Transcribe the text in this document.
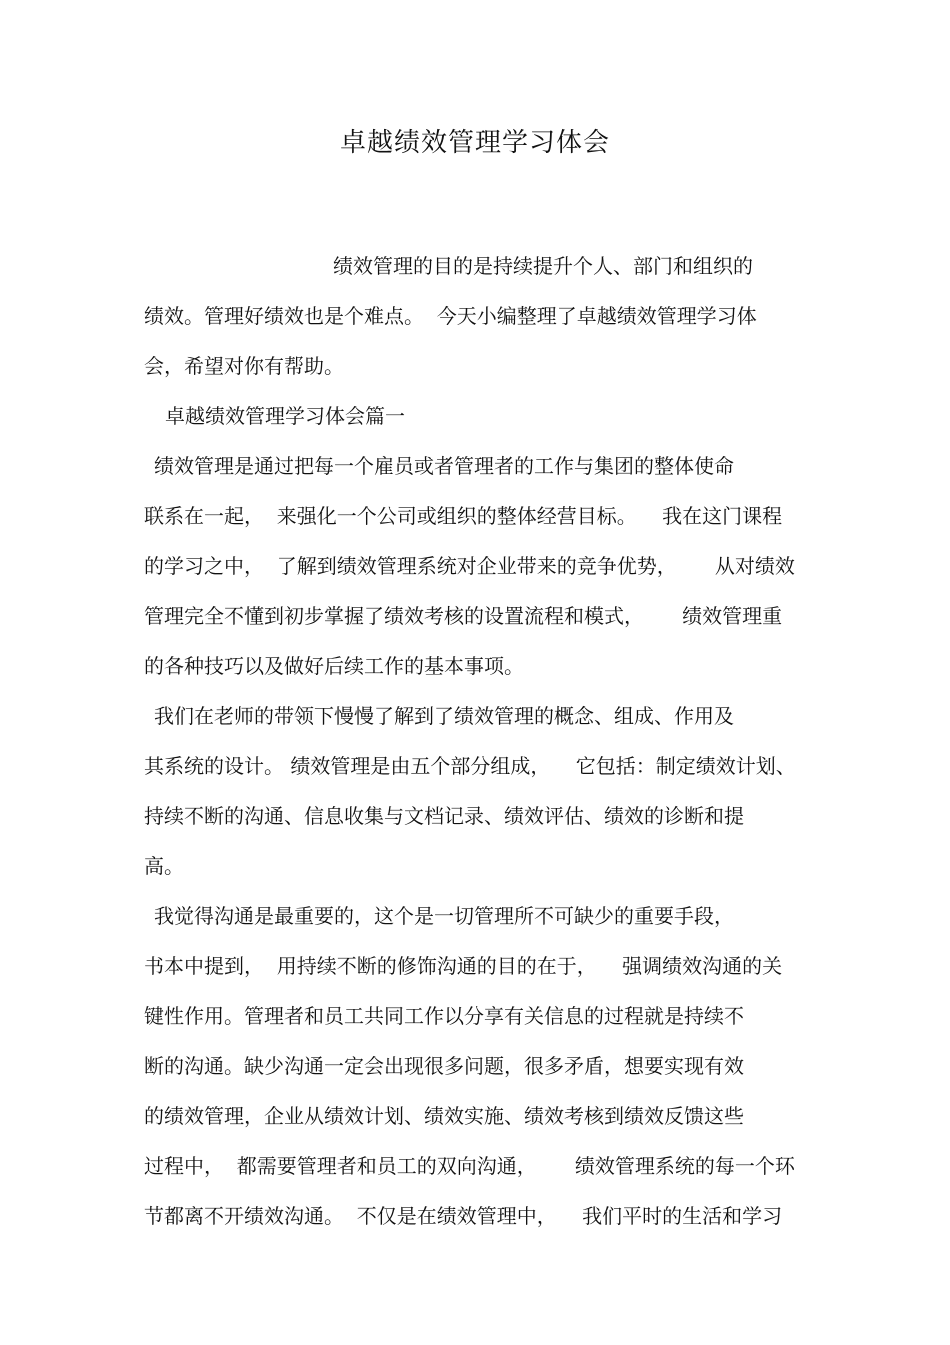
卓越绩效管理学习体会
绩效管理的目的是持续提升个人、部门和组织的
绩效。管理好绩效也是个难点。  今天小编整理了卓越绩效管理学习体
会，希望对你有帮助。
卓越绩效管理学习体会篇一
绩效管理是通过把每一个雇员或者管理者的工作与集团的整体使命
联系在一起，  来强化一个公司或组织的整体经营目标。    我在这门课程
的学习之中，  了解到绩效管理系统对企业带来的竞争优势，      从对绩效
管理完全不懂到初步掌握了绩效考核的设置流程和模式，      绩效管理重
的各种技巧以及做好后续工作的基本事项。
我们在老师的带领下慢慢了解到了绩效管理的概念、组成、作用及
其系统的设计。 绩效管理是由五个部分组成，    它包括：制定绩效计划、
持续不断的沟通、信息收集与文档记录、绩效评估、绩效的诊断和提
高。
我觉得沟通是最重要的，这个是一切管理所不可缺少的重要手段，
书本中提到，  用持续不断的修饰沟通的目的在于，    强调绩效沟通的关
键性作用。管理者和员工共同工作以分享有关信息的过程就是持续不
断的沟通。缺少沟通一定会出现很多问题，很多矛盾，想要实现有效
的绩效管理，企业从绩效计划、绩效实施、绩效考核到绩效反馈这些
过程中，  都需要管理者和员工的双向沟通，      绩效管理系统的每一个环
节都离不开绩效沟通。  不仅是在绩效管理中，    我们平时的生活和学习
